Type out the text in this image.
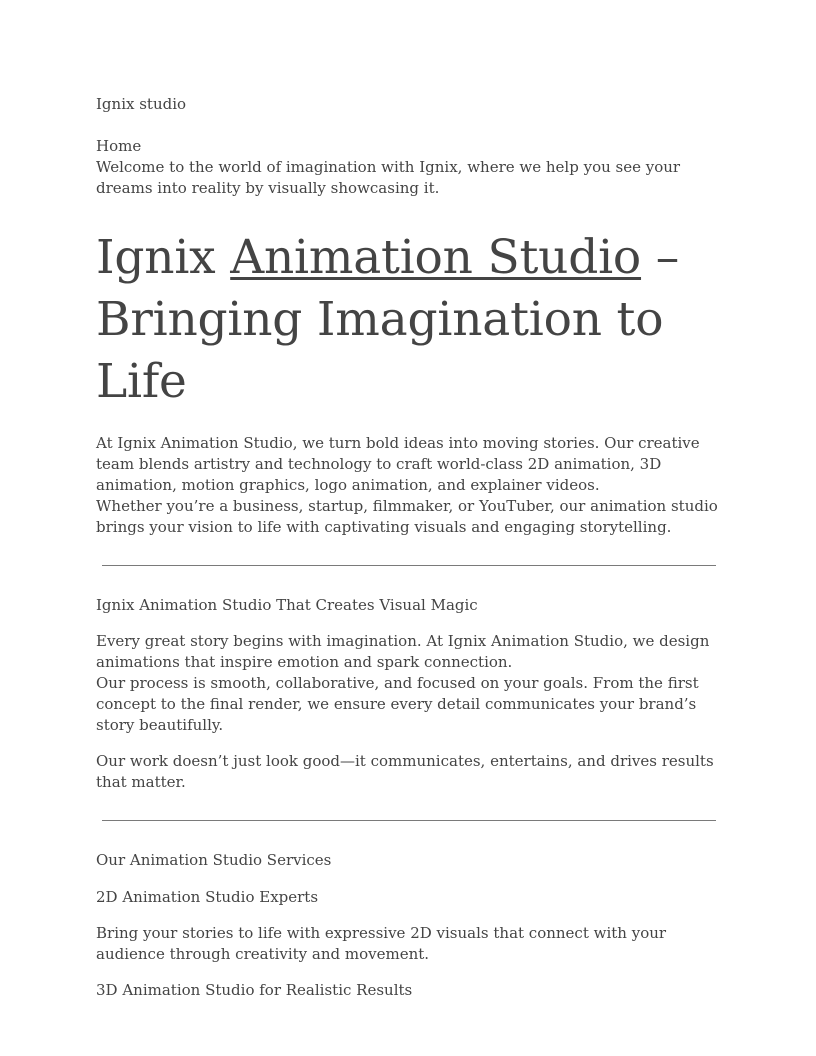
Ignix studio

Home

Welcome to the world of imagination with Ignix, where we help you see your dreams into reality by visually showcasing it.

Ignix Animation Studio – Bringing Imagination to Life

At Ignix Animation Studio, we turn bold ideas into moving stories. Our creative team blends artistry and technology to craft world-class 2D animation, 3D animation, motion graphics, logo animation, and explainer videos.
Whether you’re a business, startup, filmmaker, or YouTuber, our animation studio brings your vision to life with captivating visuals and engaging storytelling.

Ignix Animation Studio That Creates Visual Magic

Every great story begins with imagination. At Ignix Animation Studio, we design animations that inspire emotion and spark connection.
Our process is smooth, collaborative, and focused on your goals. From the first concept to the final render, we ensure every detail communicates your brand’s story beautifully.

Our work doesn’t just look good—it communicates, entertains, and drives results that matter.

Our Animation Studio Services

2D Animation Studio Experts

Bring your stories to life with expressive 2D visuals that connect with your audience through creativity and movement.

3D Animation Studio for Realistic Results
